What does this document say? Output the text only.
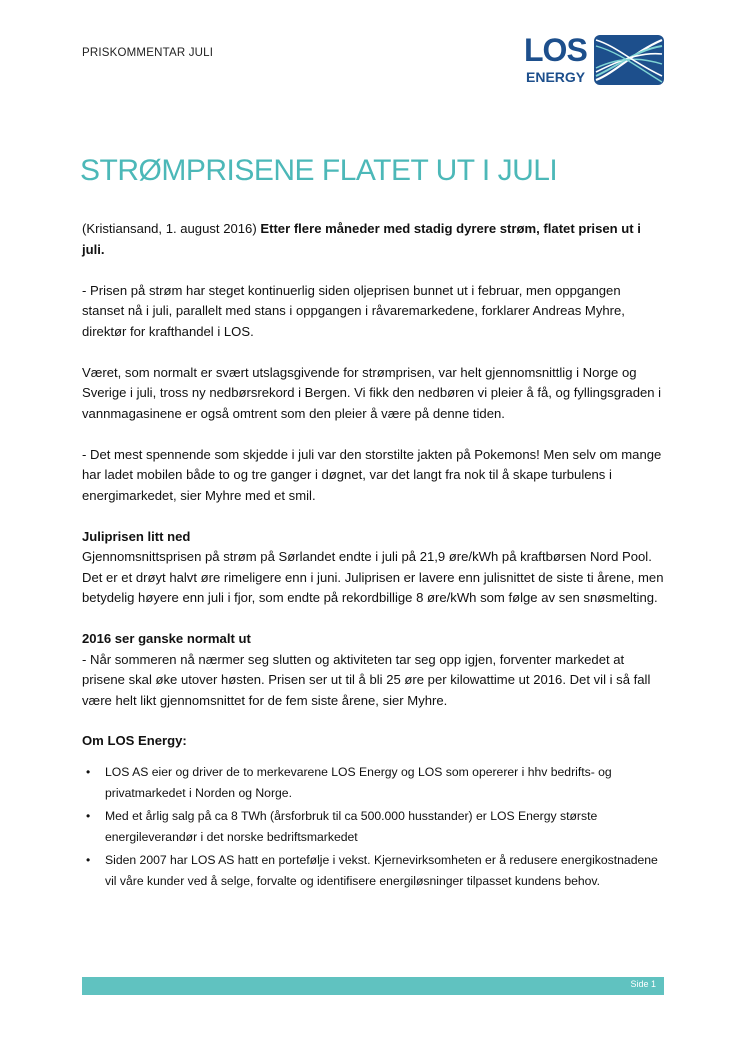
PRISKOMMENTAR JULI	LOS
ENERGY
STRØMPRISENE FLATET UT I JULI

(Kristiansand, 1. august 2016) Etter flere måneder med stadig dyrere strøm, flatet prisen ut i juli.

- Prisen på strøm har steget kontinuerlig siden oljeprisen bunnet ut i februar, men oppgangen stanset nå i juli, parallelt med stans i oppgangen i råvaremarkedene, forklarer Andreas Myhre, direktør for krafthandel i LOS.

Været, som normalt er svært utslagsgivende for strømprisen, var helt gjennomsnittlig i Norge og Sverige i juli, tross ny nedbørsrekord i Bergen. Vi fikk den nedbøren vi pleier å få, og fyllingsgraden i vannmagasinene er også omtrent som den pleier å være på denne tiden.

- Det mest spennende som skjedde i juli var den storstilte jakten på Pokemons! Men selv om mange har ladet mobilen både to og tre ganger i døgnet, var det langt fra nok til å skape turbulens i energimarkedet, sier Myhre med et smil.

Juliprisen litt ned
Gjennomsnittsprisen på strøm på Sørlandet endte i juli på 21,9 øre/kWh på kraftbørsen Nord Pool. Det er et drøyt halvt øre rimeligere enn i juni. Juliprisen er lavere enn julisnittet de siste ti årene, men betydelig høyere enn juli i fjor, som endte på rekordbillige 8 øre/kWh som følge av sen snøsmelting.

2016 ser ganske normalt ut
- Når sommeren nå nærmer seg slutten og aktiviteten tar seg opp igjen, forventer markedet at prisene skal øke utover høsten. Prisen ser ut til å bli 25 øre per kilowattime ut 2016. Det vil i så fall være helt likt gjennomsnittet for de fem siste årene, sier Myhre.

Om LOS Energy:
• LOS AS eier og driver de to merkevarene LOS Energy og LOS som opererer i hhv bedrifts- og privatmarkedet i Norden og Norge.
• Med et årlig salg på ca 8 TWh (årsforbruk til ca 500.000 husstander) er LOS Energy største energileverandør i det norske bedriftsmarkedet
• Siden 2007 har LOS AS hatt en portefølje i vekst. Kjernevirksomheten er å redusere energikostnadene vil våre kunder ved å selge, forvalte og identifisere energiløsninger tilpasset kundens behov.
Side 1
